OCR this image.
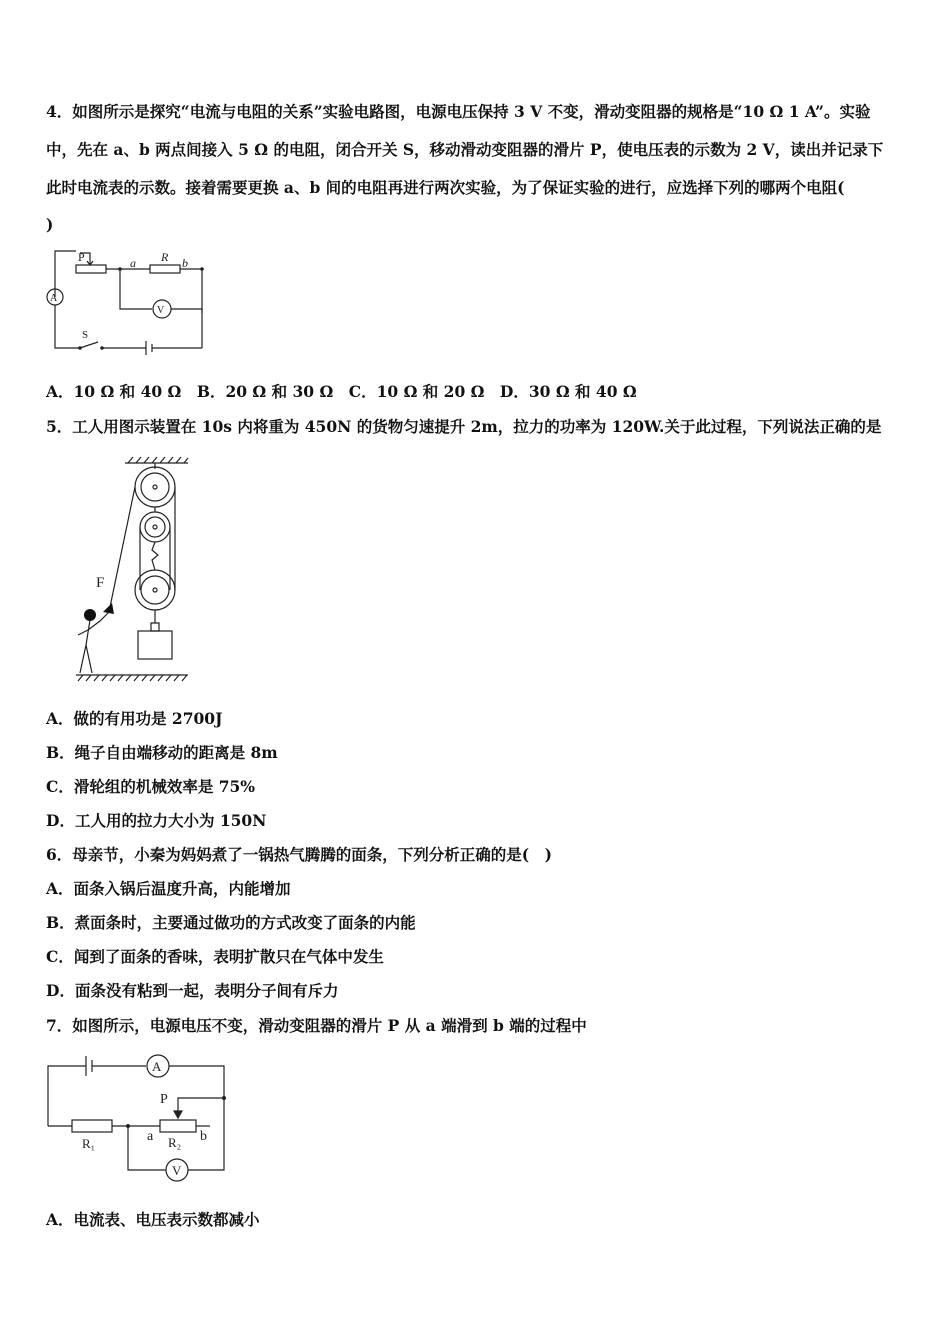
4．如图所示是探究“电流与电阻的关系”实验电路图，电源电压保持 3 V 不变，滑动变阻器的规格是“10 Ω 1 A”。实验
中，先在 a、b 两点间接入 5 Ω 的电阻，闭合开关 S，移动滑动变阻器的滑片 P，使电压表的示数为 2 V，读出并记录下
此时电流表的示数。接着需要更换 a、b 间的电阻再进行两次实验，为了保证实验的进行，应选择下列的哪两个电阻(
)
P	a R b
A
V
S
A．10 Ω 和 40 Ω　B．20 Ω 和 30 Ω　C．10 Ω 和 20 Ω　D．30 Ω 和 40 Ω
5．工人用图示装置在 10s 内将重为 450N 的货物匀速提升 2m，拉力的功率为 120W.关于此过程，下列说法正确的是
F
A．做的有用功是 2700J
B．绳子自由端移动的距离是 8m
C．滑轮组的机械效率是 75%
D．工人用的拉力大小为 150N
6．母亲节，小秦为妈妈煮了一锅热气腾腾的面条，下列分析正确的是(　)
A．面条入锅后温度升高，内能增加
B．煮面条时，主要通过做功的方式改变了面条的内能
C．闻到了面条的香味，表明扩散只在气体中发生
D．面条没有粘到一起，表明分子间有斥力
7．如图所示，电源电压不变，滑动变阻器的滑片 P 从 a 端滑到 b 端的过程中
A
P
R₁	a R₂ b
V
A．电流表、电压表示数都减小
